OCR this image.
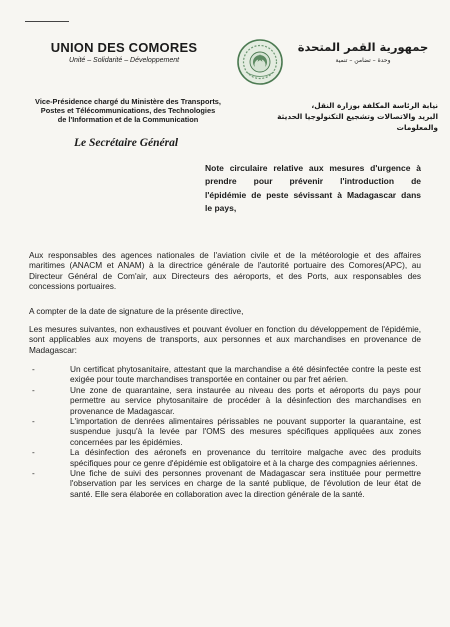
UNION DES COMORES
Unité – Solidarité – Développement
جمهورية القمر المتحدة
وحدة – تضامن – تنمية
Vice-Présidence chargé du Ministère des Transports,
Postes et Télécommunications, des Technologies
de l'Information et de la Communication
نيابة الرئاسة المكلفة بوزارة النقل،
البريد والاتصالات وتشجيع التكنولوجيا الحديثة
والمعلومات
Le Secrétaire Général
Note circulaire relative aux mesures d'urgence à
prendre pour prévenir l'introduction de
l'épidémie de peste sévissant à Madagascar dans
le pays,
Aux responsables des agences nationales de l'aviation civile et de la météorologie et des affaires maritimes (ANACM et ANAM) à la directrice générale de l'autorité portuaire des Comores(APC), au Directeur Général de Com'air, aux Directeurs des aéroports, et des Ports, aux responsables des concessions portuaires.
A compter de la date de signature de la présente directive,
Les mesures suivantes, non exhaustives et pouvant évoluer en fonction du développement de l'épidémie, sont applicables aux moyens de transports, aux personnes et aux marchandises en provenance de Madagascar:
-	Un certificat phytosanitaire, attestant que la marchandise a été désinfectée contre la peste est exigée pour toute marchandises transportée en container ou par fret aérien.
-	Une zone de quarantaine, sera instaurée au niveau des ports et aéroports du pays pour permettre au service phytosanitaire de procéder à la désinfection des marchandises en provenance de Madagascar.
-	L'importation de denrées alimentaires périssables ne pouvant supporter la quarantaine, est suspendue jusqu'à la levée par l'OMS des mesures spécifiques appliquées aux zones concernées par les épidémies.
-	La désinfection des aéronefs en provenance du territoire malgache avec des produits spécifiques pour ce genre d'épidémie est obligatoire et à la charge des compagnies aériennes.
-	Une fiche de suivi des personnes provenant de Madagascar sera instituée pour permettre l'observation par les services en charge de la santé publique, de l'évolution de leur état de santé. Elle sera élaborée en collaboration avec la direction générale de la santé.
